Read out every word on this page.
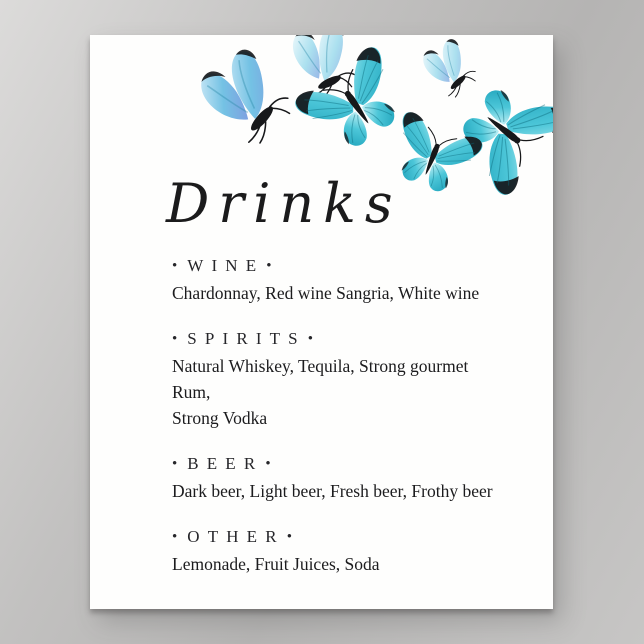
Drinks
• WINE •
Chardonnay, Red wine Sangria, White wine
• SPIRITS •
Natural Whiskey, Tequila, Strong gourmet
Rum,
Strong Vodka
• BEER •
Dark beer, Light beer, Fresh beer, Frothy beer
• OTHER •
Lemonade, Fruit Juices, Soda
